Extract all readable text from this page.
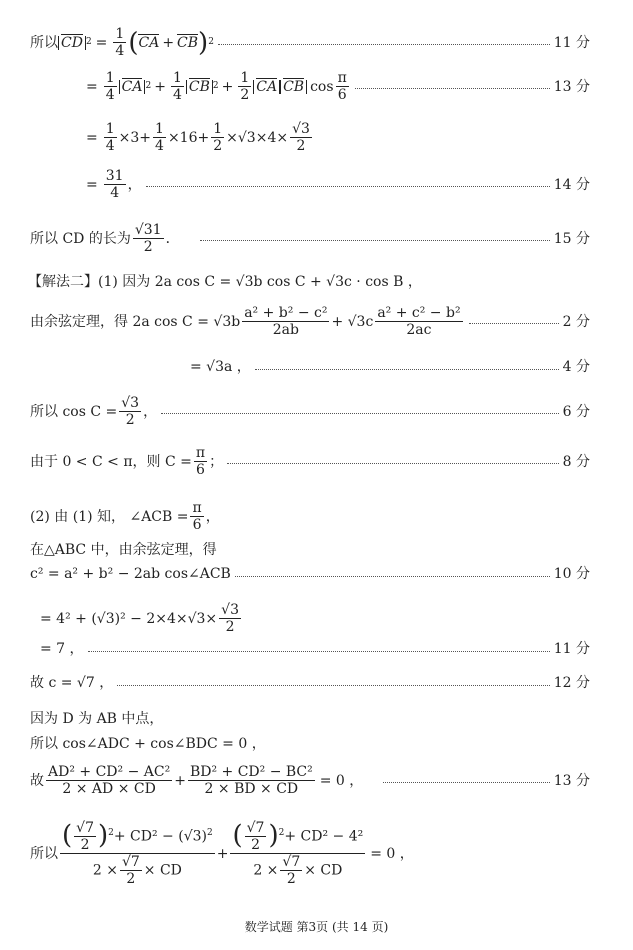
所以 CD $2 = \frac{1}{4}$ ( CA + CB ) 2	11 分
= $\frac{1}{4}$ CA $2 + \frac{1}{4}$ CB $2 + \frac{1}{2}$ CA CB $\cos \frac{\pi}{6}$	13 分
= $\frac{1}{4} \times 3+ \frac{1}{4} \times 16+ \frac{1}{2} \times√3\times 4\times \frac{√3}{2}$
= $\frac{31}{4}$ ，	14 分
所以 CD 的长为 $\frac{√31}{2}$ ．	15 分
【解法二】(1) 因为 2a cos C = √3b cos C + √3c · cos B ，
由余弦定理，得 2a $\cos C = √3b \frac{\text{a² + b² − c²}}{2ab} + √3c \frac{\text{a² + c² − b²}}{2ac}$	2 分
= √3a ，	4 分
所以 $\cos C = \frac{√3}{2}$ ，	6 分
由于 0 < C < π，则 $C = \frac{\pi}{6}$ ；	8 分
(2) 由 (1) 知， ∠ACB = $\frac{\pi}{6}$ ，
在△ABC 中，由余弦定理，得
c² = a² + b² − 2ab cos∠ACB	10 分
= $4^2 + (√3)^2 - 2\times 4\times√3\times \frac{√3}{2}$
= 7 ，	11 分
故 c = √7 ，	12 分
因为 D 为 AB 中点，
所以 cos∠ADC + cos∠BDC = 0 ，
故 $\frac{\text{AD² + CD² − AC²}}{2 \times AD \times CD} + \frac{\text{BD² + CD² − BC²}}{2 \times BD \times CD} = 0$ ，	13 分
所以 $\frac{( \frac{√7}{2} )^2+ CD^2 - (√3)^2}{2 \times \frac{√7}{2} \times CD} + \frac{( \frac{√7}{2} )^2+ CD^2 - 4^2}{2 \times \frac{√7}{2} \times CD} = 0$ ，
数学试题 第3页 (共 14 页)
